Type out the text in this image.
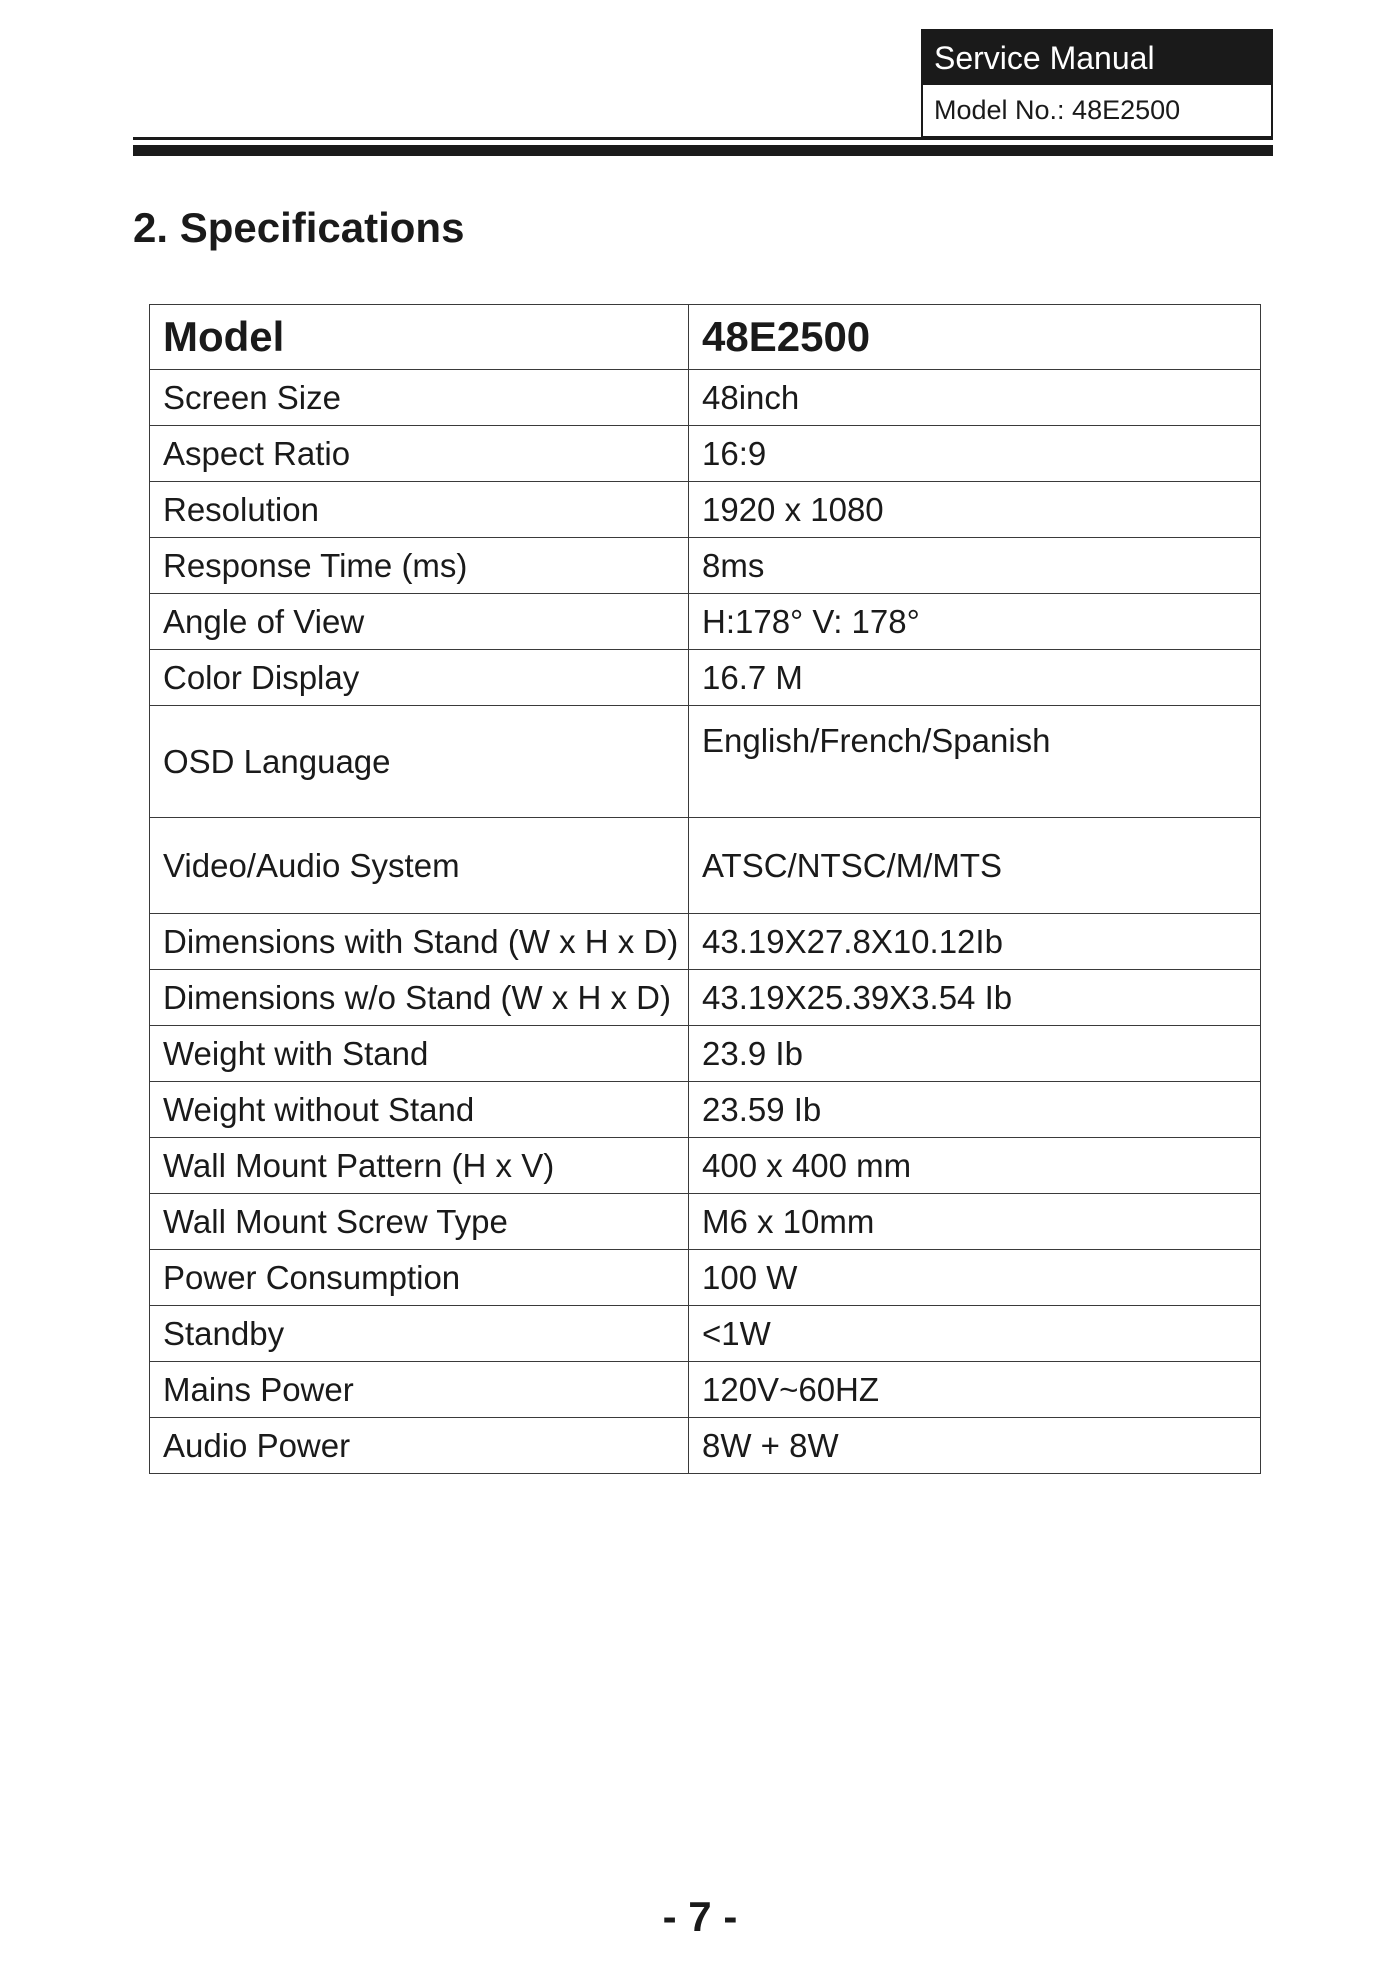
Service Manual
Model No.: 48E2500
2. Specifications
Model	48E2500
Screen Size	48inch
Aspect Ratio	16:9
Resolution	1920 x 1080
Response Time (ms)	8ms
Angle of View	H:178° V: 178°
Color Display	16.7 M
OSD Language	English/French/Spanish
Video/Audio System	ATSC/NTSC/M/MTS
Dimensions with Stand (W x H x D)	43.19X27.8X10.12Ib
Dimensions w/o Stand (W x H x D)	43.19X25.39X3.54 Ib
Weight with Stand	23.9 Ib
Weight without Stand	23.59 Ib
Wall Mount Pattern (H x V)	400 x 400 mm
Wall Mount Screw Type	M6 x 10mm
Power Consumption	100 W
Standby	<1W
Mains Power	120V~60HZ
Audio Power	8W + 8W
- 7 -
